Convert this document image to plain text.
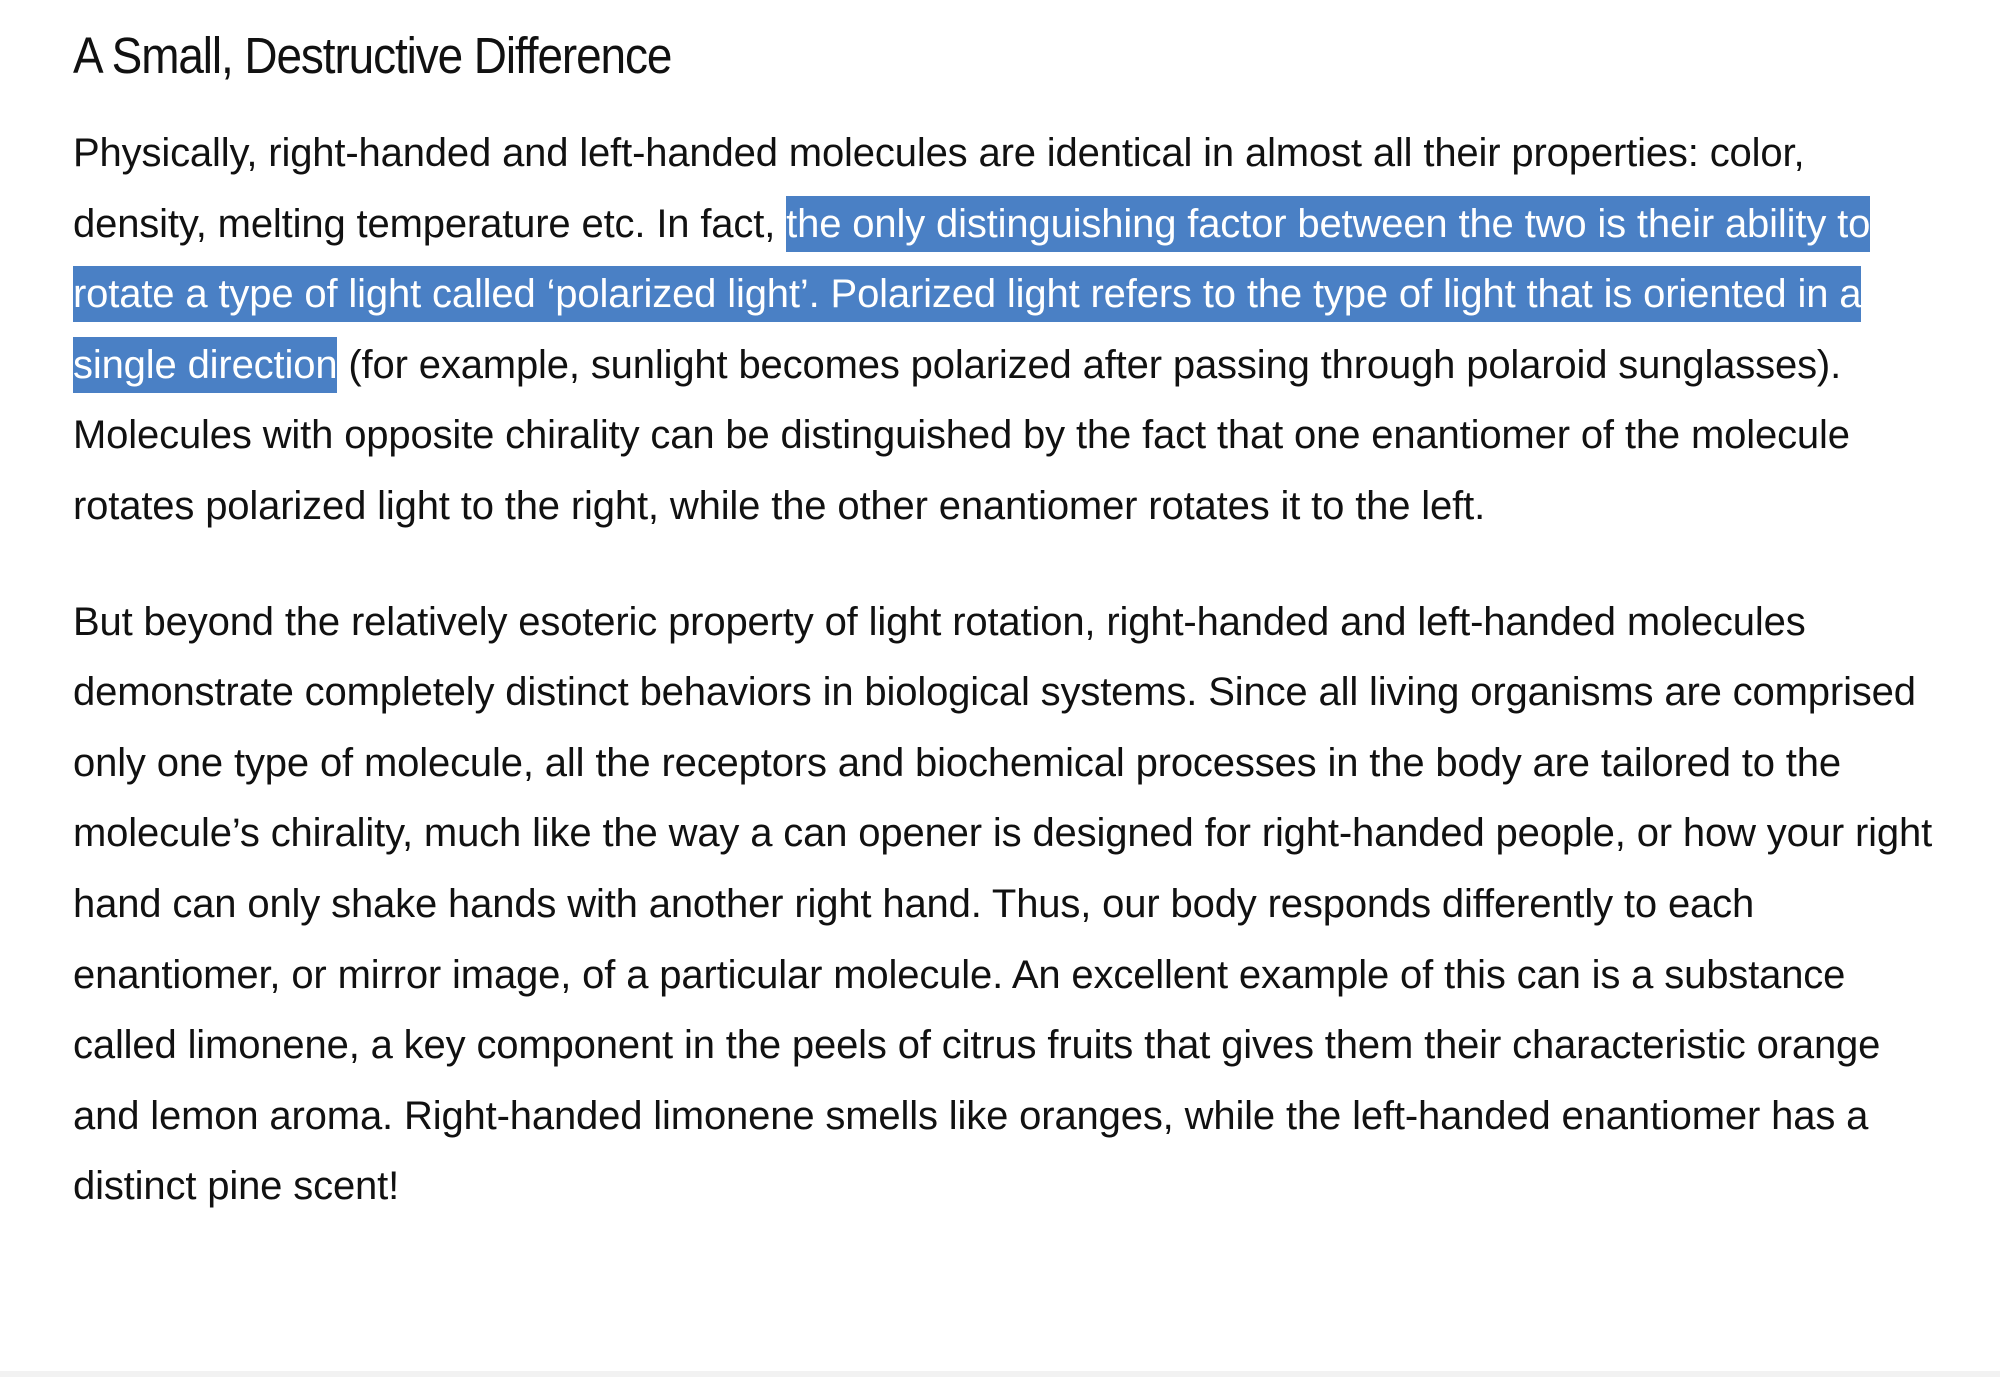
A Small, Destructive Difference

Physically, right-handed and left-handed molecules are identical in almost all their properties: color, density, melting temperature etc. In fact, the only distinguishing factor between the two is their ability to rotate a type of light called ‘polarized light’. Polarized light refers to the type of light that is oriented in a single direction (for example, sunlight becomes polarized after passing through polaroid sunglasses). Molecules with opposite chirality can be distinguished by the fact that one enantiomer of the molecule rotates polarized light to the right, while the other enantiomer rotates it to the left.

But beyond the relatively esoteric property of light rotation, right-handed and left-handed molecules demonstrate completely distinct behaviors in biological systems. Since all living organisms are comprised only one type of molecule, all the receptors and biochemical processes in the body are tailored to the molecule’s chirality, much like the way a can opener is designed for right-handed people, or how your right hand can only shake hands with another right hand. Thus, our body responds differently to each enantiomer, or mirror image, of a particular molecule. An excellent example of this can is a substance called limonene, a key component in the peels of citrus fruits that gives them their characteristic orange and lemon aroma. Right-handed limonene smells like oranges, while the left-handed enantiomer has a distinct pine scent!
